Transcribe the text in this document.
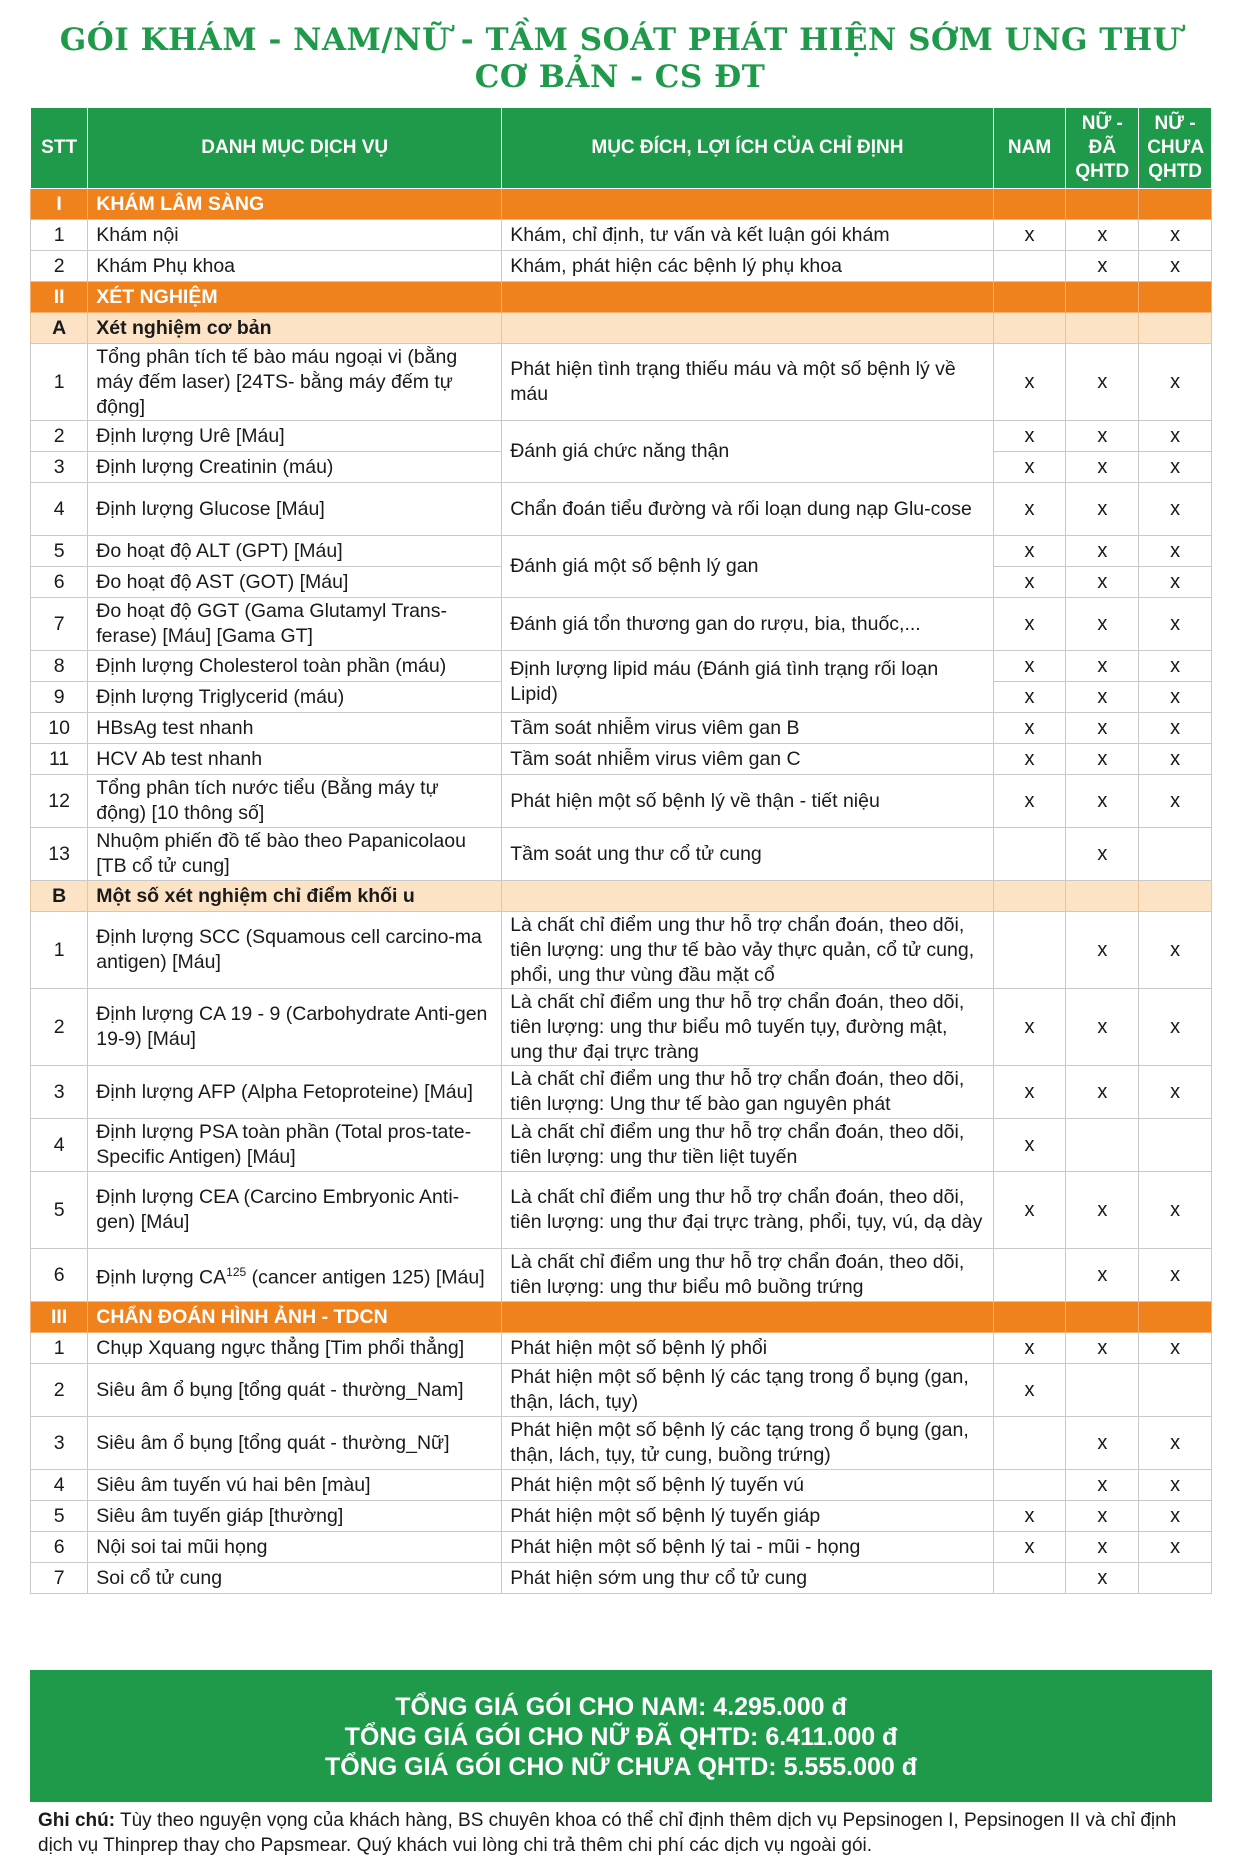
GÓI KHÁM - NAM/NỮ - TẦM SOÁT PHÁT HIỆN SỚM UNG THƯ
CƠ BẢN - CS ĐT
STT	DANH MỤC DỊCH VỤ	MỤC ĐÍCH, LỢI ÍCH CỦA CHỈ ĐỊNH	NAM	NỮ - ĐÃ QHTD	NỮ - CHƯA QHTD
I	KHÁM LÂM SÀNG				
1	Khám nội	Khám, chỉ định, tư vấn và kết luận gói khám	x	x	x
2	Khám Phụ khoa	Khám, phát hiện các bệnh lý phụ khoa		x	x
II	XÉT NGHIỆM				
A	Xét nghiệm cơ bản				
1	Tổng phân tích tế bào máu ngoại vi (bằng máy đếm laser) [24TS- bằng máy đếm tự động]	Phát hiện tình trạng thiếu máu và một số bệnh lý về máu	x	x	x
2	Định lượng Urê [Máu]	Đánh giá chức năng thận	x	x	x
3	Định lượng Creatinin (máu)		x	x	x
4	Định lượng Glucose [Máu]	Chẩn đoán tiểu đường và rối loạn dung nạp Glu-cose	x	x	x
5	Đo hoạt độ ALT (GPT) [Máu]	Đánh giá một số bệnh lý gan	x	x	x
6	Đo hoạt độ AST (GOT) [Máu]		x	x	x
7	Đo hoạt độ GGT (Gama Glutamyl Trans-ferase) [Máu] [Gama GT]	Đánh giá tổn thương gan do rượu, bia, thuốc,...	x	x	x
8	Định lượng Cholesterol toàn phần (máu)	Định lượng lipid máu (Đánh giá tình trạng rối loạn Lipid)	x	x	x
9	Định lượng Triglycerid (máu)		x	x	x
10	HBsAg test nhanh	Tầm soát nhiễm virus viêm gan B	x	x	x
11	HCV Ab test nhanh	Tầm soát nhiễm virus viêm gan C	x	x	x
12	Tổng phân tích nước tiểu (Bằng máy tự động) [10 thông số]	Phát hiện một số bệnh lý về thận - tiết niệu	x	x	x
13	Nhuộm phiến đồ tế bào theo Papanicolaou [TB cổ tử cung]	Tầm soát ung thư cổ tử cung		x	
B	Một số xét nghiệm chỉ điểm khối u				
1	Định lượng SCC (Squamous cell carcino-ma antigen) [Máu]	Là chất chỉ điểm ung thư hỗ trợ chẩn đoán, theo dõi, tiên lượng: ung thư tế bào vảy thực quản, cổ tử cung, phổi, ung thư vùng đầu mặt cổ		x	x
2	Định lượng CA 19 - 9 (Carbohydrate Anti-gen 19-9) [Máu]	Là chất chỉ điểm ung thư hỗ trợ chẩn đoán, theo dõi, tiên lượng: ung thư biểu mô tuyến tụy, đường mật, ung thư đại trực tràng	x	x	x
3	Định lượng AFP (Alpha Fetoproteine) [Máu]	Là chất chỉ điểm ung thư hỗ trợ chẩn đoán, theo dõi, tiên lượng: Ung thư tế bào gan nguyên phát	x	x	x
4	Định lượng PSA toàn phần (Total pros-tate-Specific Antigen) [Máu]	Là chất chỉ điểm ung thư hỗ trợ chẩn đoán, theo dõi, tiên lượng: ung thư tiền liệt tuyến	x		
5	Định lượng CEA (Carcino Embryonic Anti-gen) [Máu]	Là chất chỉ điểm ung thư hỗ trợ chẩn đoán, theo dõi, tiên lượng: ung thư đại trực tràng, phổi, tụy, vú, dạ dày	x	x	x
6	Định lượng CA$^{125}$ (cancer antigen 125) [Máu]	Là chất chỉ điểm ung thư hỗ trợ chẩn đoán, theo dõi, tiên lượng: ung thư biểu mô buồng trứng		x	x
III	CHẨN ĐOÁN HÌNH ẢNH - TDCN				
1	Chụp Xquang ngực thẳng [Tim phổi thẳng]	Phát hiện một số bệnh lý phổi	x	x	x
2	Siêu âm ổ bụng [tổng quát - thường_Nam]	Phát hiện một số bệnh lý các tạng trong ổ bụng (gan, thận, lách, tụy)	x		
3	Siêu âm ổ bụng [tổng quát - thường_Nữ]	Phát hiện một số bệnh lý các tạng trong ổ bụng (gan, thận, lách, tụy, tử cung, buồng trứng)		x	x
4	Siêu âm tuyến vú hai bên [màu]	Phát hiện một số bệnh lý tuyến vú		x	x
5	Siêu âm tuyến giáp [thường]	Phát hiện một số bệnh lý tuyến giáp	x	x	x
6	Nội soi tai mũi họng	Phát hiện một số bệnh lý tai - mũi - họng	x	x	x
7	Soi cổ tử cung	Phát hiện sớm ung thư cổ tử cung		x	
TỔNG GIÁ GÓI CHO NAM: 4.295.000 đ
TỔNG GIÁ GÓI CHO NỮ ĐÃ QHTD: 6.411.000 đ
TỔNG GIÁ GÓI CHO NỮ CHƯA QHTD: 5.555.000 đ
Ghi chú: Tùy theo nguyện vọng của khách hàng, BS chuyên khoa có thể chỉ định thêm dịch vụ Pepsinogen I, Pepsinogen II và chỉ định dịch vụ Thinprep thay cho Papsmear. Quý khách vui lòng chi trả thêm chi phí các dịch vụ ngoài gói.
